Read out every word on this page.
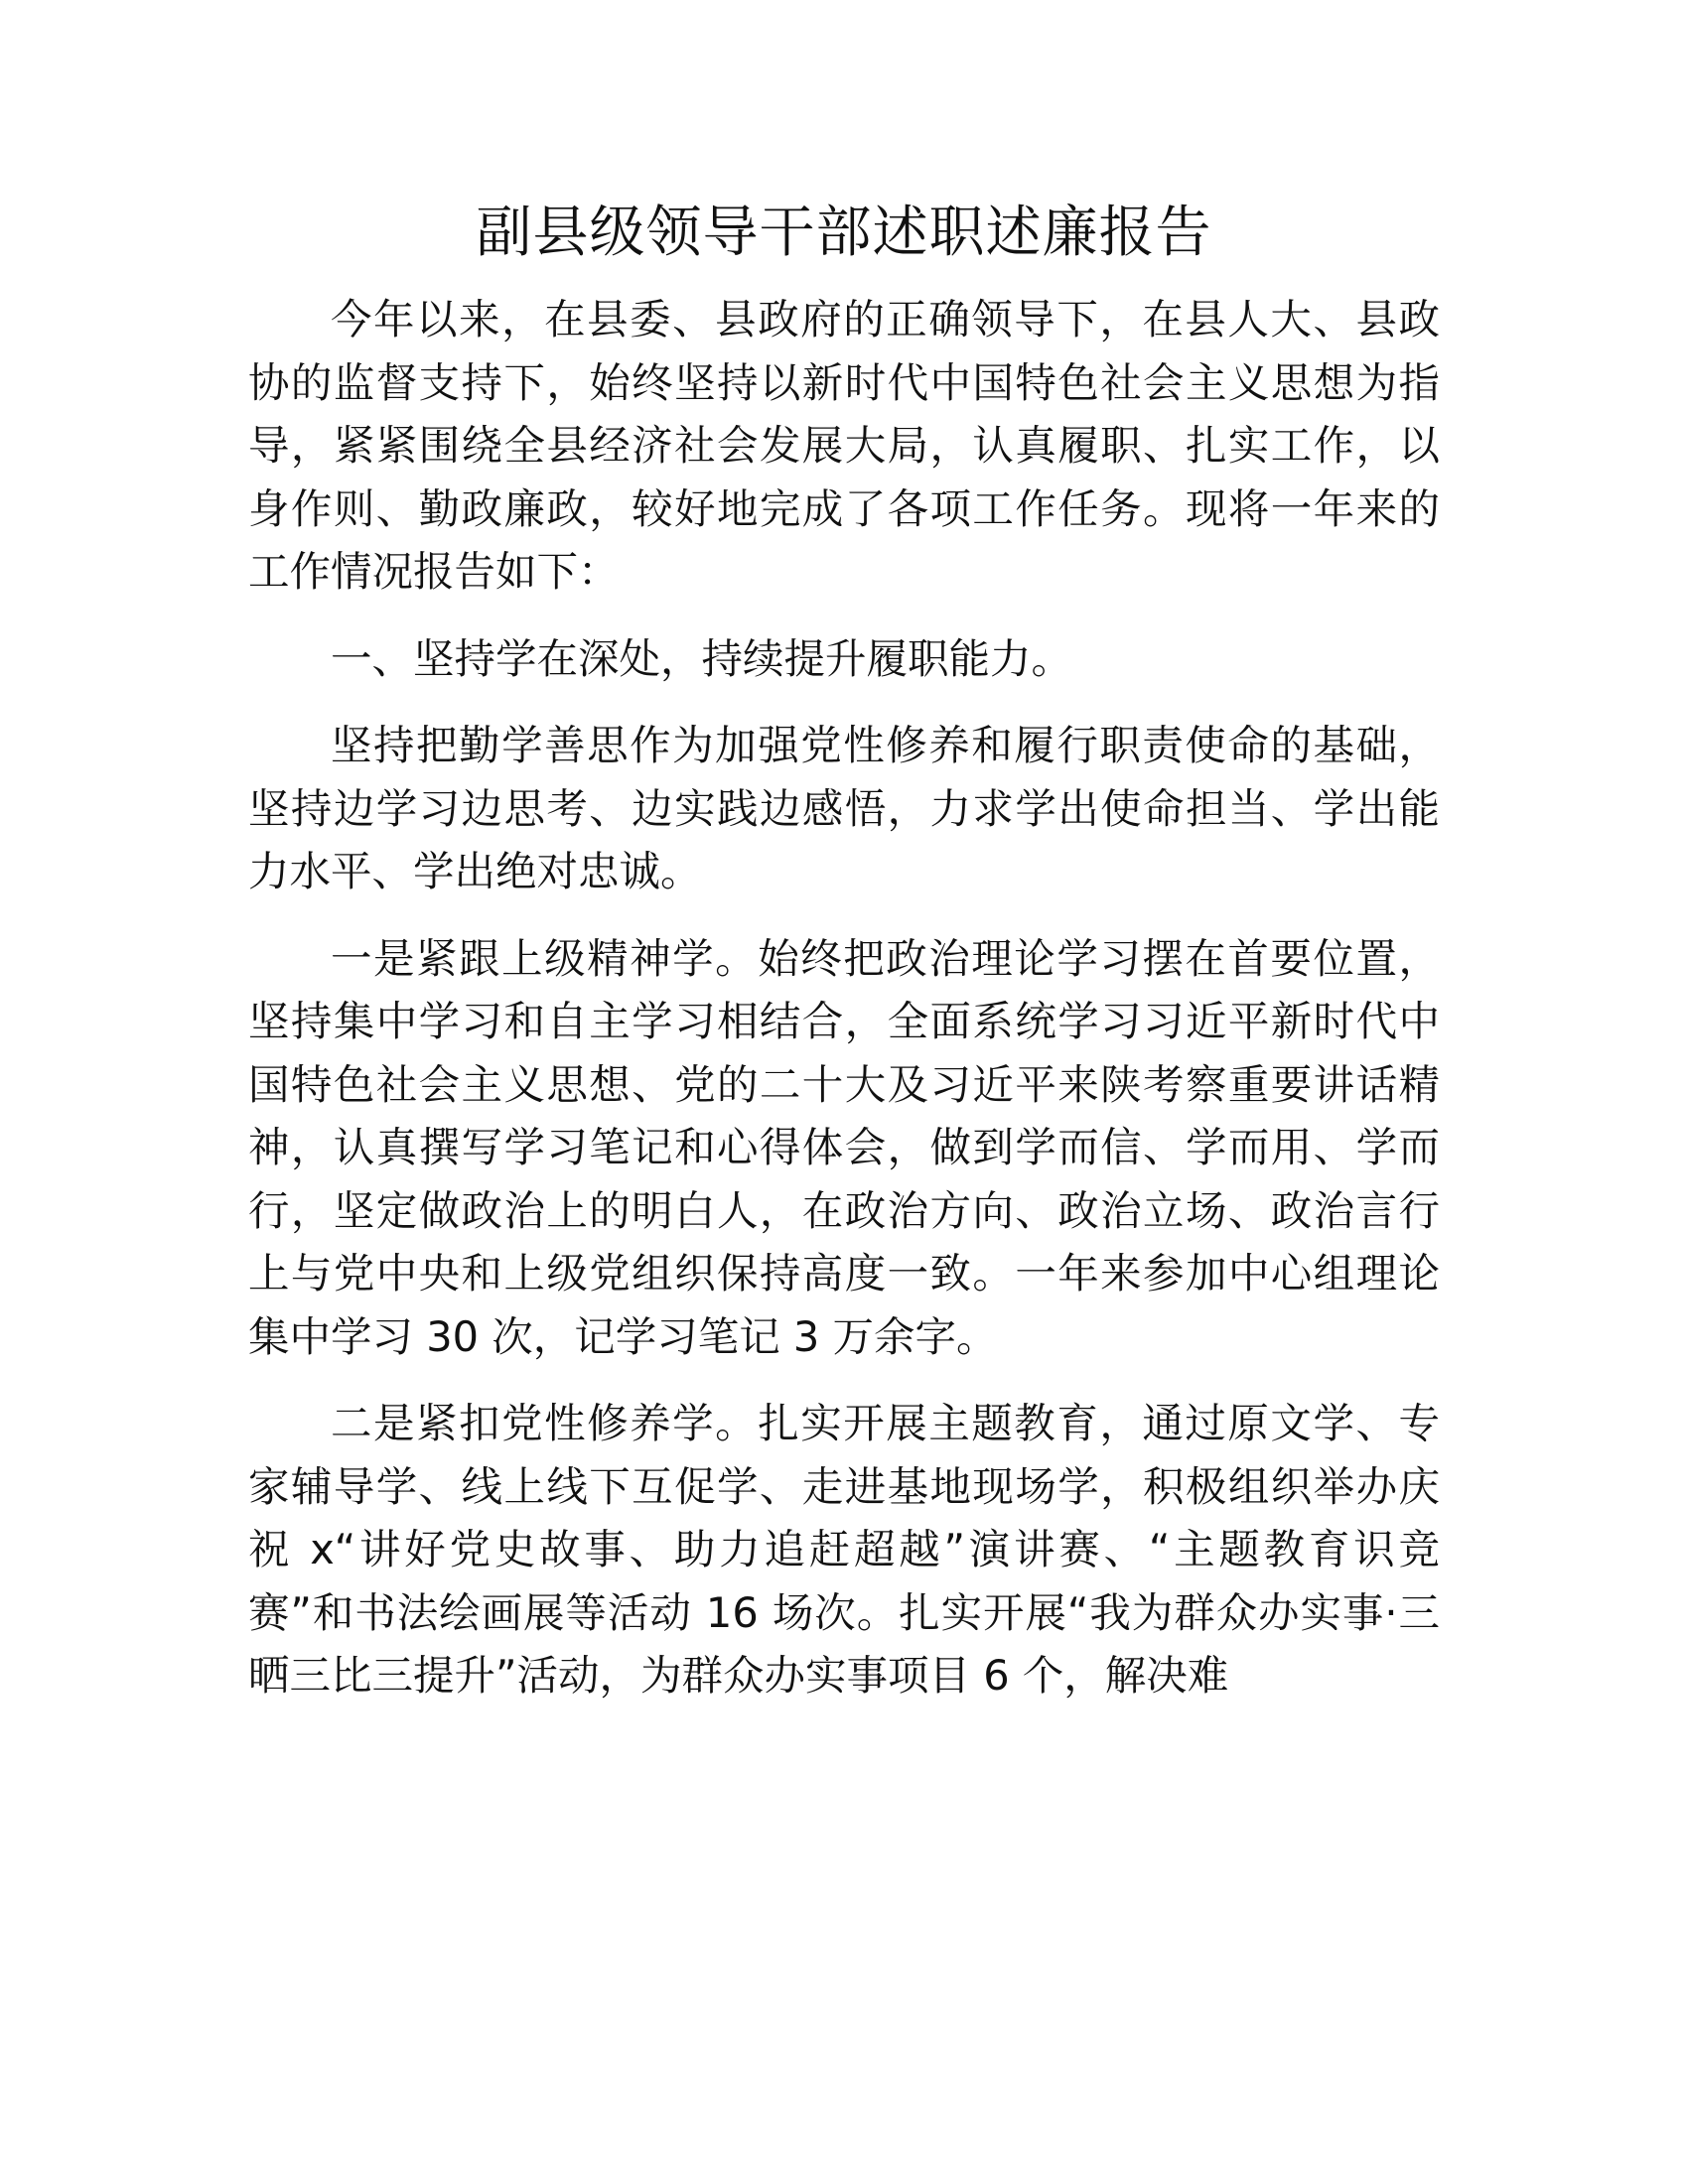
副县级领导干部述职述廉报告

今年以来，在县委、县政府的正确领导下，在县人大、县政协的监督支持下，始终坚持以新时代中国特色社会主义思想为指导，紧紧围绕全县经济社会发展大局，认真履职、扎实工作，以身作则、勤政廉政，较好地完成了各项工作任务。现将一年来的工作情况报告如下：

一、坚持学在深处，持续提升履职能力。

坚持把勤学善思作为加强党性修养和履行职责使命的基础，坚持边学习边思考、边实践边感悟，力求学出使命担当、学出能力水平、学出绝对忠诚。

一是紧跟上级精神学。始终把政治理论学习摆在首要位置，坚持集中学习和自主学习相结合，全面系统学习习近平新时代中国特色社会主义思想、党的二十大及习近平来陕考察重要讲话精神，认真撰写学习笔记和心得体会，做到学而信、学而用、学而行，坚定做政治上的明白人，在政治方向、政治立场、政治言行上与党中央和上级党组织保持高度一致。一年来参加中心组理论集中学习 30 次，记学习笔记 3 万余字。

二是紧扣党性修养学。扎实开展主题教育，通过原文学、专家辅导学、线上线下互促学、走进基地现场学，积极组织举办庆祝 x“讲好党史故事、助力追赶超越”演讲赛、“主题教育识竞赛”和书法绘画展等活动 16 场次。扎实开展“我为群众办实事·三晒三比三提升”活动，为群众办实事项目 6 个，解决难
